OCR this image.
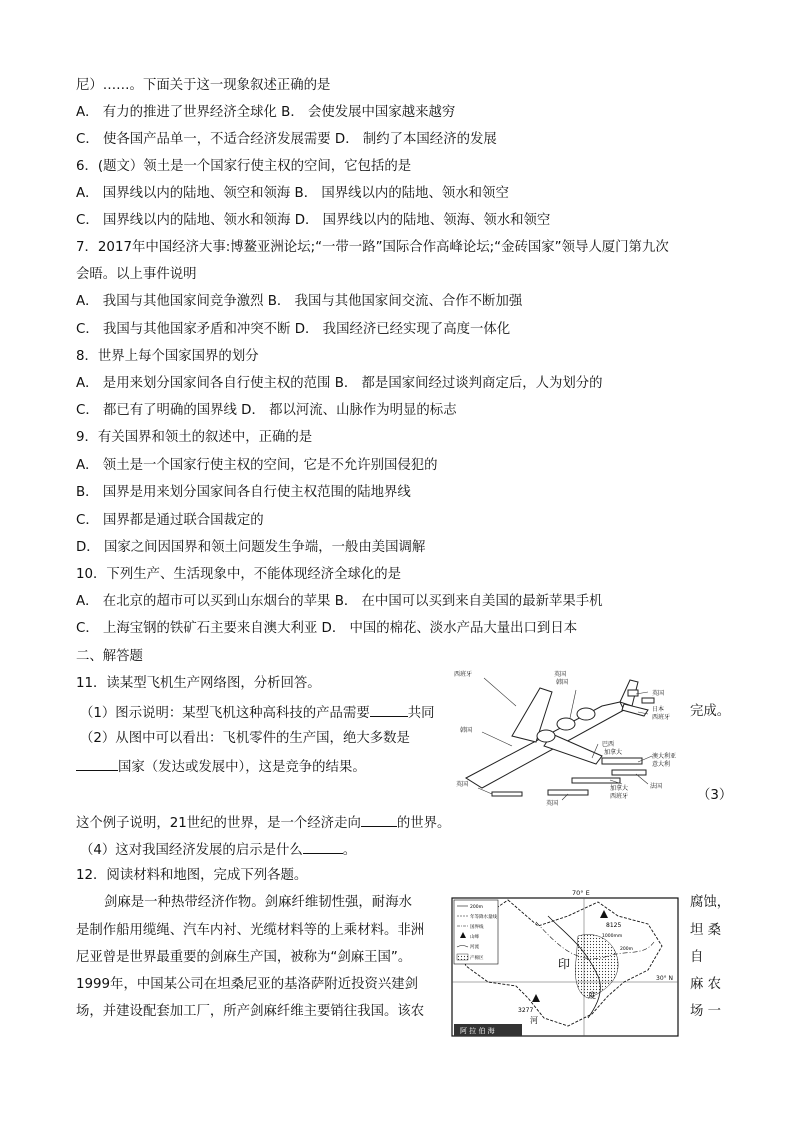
尼）……。下面关于这一现象叙述正确的是
A． 有力的推进了世界经济全球化 B． 会使发展中国家越来越穷
C． 使各国产品单一，不适合经济发展需要 D． 制约了本国经济的发展
6．(题文）领土是一个国家行使主权的空间，它包括的是
A． 国界线以内的陆地、领空和领海 B． 国界线以内的陆地、领水和领空
C． 国界线以内的陆地、领水和领海 D． 国界线以内的陆地、领海、领水和领空
7．2017年中国经济大事:博鳌亚洲论坛;“一带一路”国际合作高峰论坛;“金砖国家”领导人厦门第九次
会晤。以上事件说明
A． 我国与其他国家间竞争激烈 B． 我国与其他国家间交流、合作不断加强
C． 我国与其他国家矛盾和冲突不断 D． 我国经济已经实现了高度一体化
8．世界上每个国家国界的划分
A． 是用来划分国家间各自行使主权的范围 B． 都是国家间经过谈判商定后，人为划分的
C． 都已有了明确的国界线 D． 都以河流、山脉作为明显的标志
9．有关国界和领土的叙述中，正确的是
A． 领土是一个国家行使主权的空间，它是不允许别国侵犯的
B． 国界是用来划分国家间各自行使主权范围的陆地界线
C． 国界都是通过联合国裁定的
D． 国家之间因国界和领土问题发生争端，一般由美国调解
10．下列生产、生活现象中，不能体现经济全球化的是
A． 在北京的超市可以买到山东烟台的苹果 B． 在中国可以买到来自美国的最新苹果手机
C． 上海宝钢的铁矿石主要来自澳大利亚 D． 中国的棉花、淡水产品大量出口到日本
二、解答题
11．读某型飞机生产网络图，分析回答。
（1）图示说明：某型飞机这种高科技的产品需要	共同	完成。
（2）从图中可以看出：飞机零件的生产国，绝大多数是
国家（发达或发展中），这是竞争的结果。
（3）
这个例子说明，21世纪的世界，是一个经济走向	的世界。
（4）这对我国经济发展的启示是什么	。
西班牙	英国
韩国
英国
日本
西班牙
巴西
加拿大
澳大利亚
意大利
韩国
英国	法国
加拿大
西班牙
英国
12．阅读材料和地图，完成下列各题。
剑麻是一种热带经济作物。剑麻纤维韧性强，耐海水	腐蚀，
是制作船用缆绳、汽车内衬、光缆材料等的上乘材料。非洲	坦 桑
尼亚曾是世界最重要的剑麻生产国，被称为“剑麻王国”。	自
1999年，中国某公司在坦桑尼亚的基洛萨附近投资兴建剑	麻 农
场，并建设配套加工厂，所产剑麻纤维主要销往我国。该农	场 一
70° E
30° N
200m
年等降水量线
国界线
山峰
河流
产棉区
8125
1000mm
200m
3277
印
河
度
阿 拉 伯 海
